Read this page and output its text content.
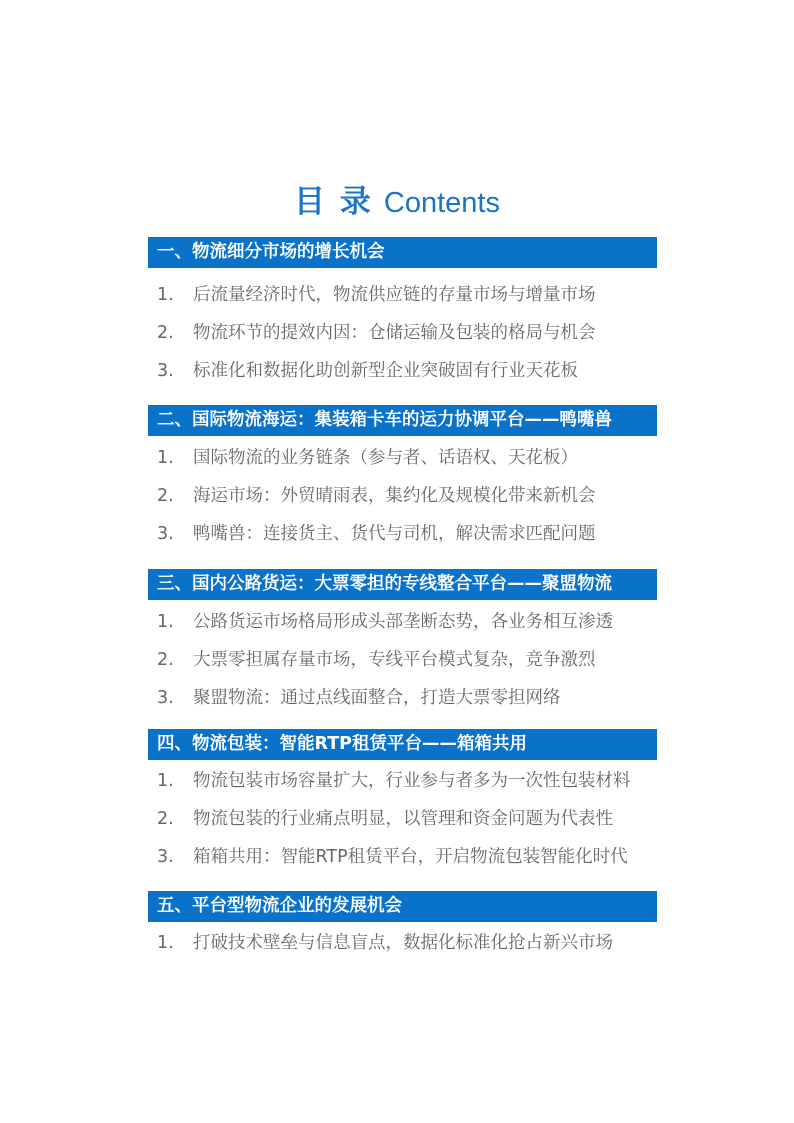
目 录 Contents
一、物流细分市场的增长机会
1. 后流量经济时代，物流供应链的存量市场与增量市场
2. 物流环节的提效内因：仓储运输及包装的格局与机会
3. 标准化和数据化助创新型企业突破固有行业天花板
二、国际物流海运：集装箱卡车的运力协调平台——鸭嘴兽
1. 国际物流的业务链条（参与者、话语权、天花板）
2. 海运市场：外贸晴雨表，集约化及规模化带来新机会
3. 鸭嘴兽：连接货主、货代与司机，解决需求匹配问题
三、国内公路货运：大票零担的专线整合平台——聚盟物流
1. 公路货运市场格局形成头部垄断态势，各业务相互渗透
2. 大票零担属存量市场，专线平台模式复杂，竞争激烈
3. 聚盟物流：通过点线面整合，打造大票零担网络
四、物流包装：智能RTP租赁平台——箱箱共用
1. 物流包装市场容量扩大，行业参与者多为一次性包装材料
2. 物流包装的行业痛点明显，以管理和资金问题为代表性
3. 箱箱共用：智能RTP租赁平台，开启物流包装智能化时代
五、平台型物流企业的发展机会
1. 打破技术壁垒与信息盲点，数据化标准化抢占新兴市场
